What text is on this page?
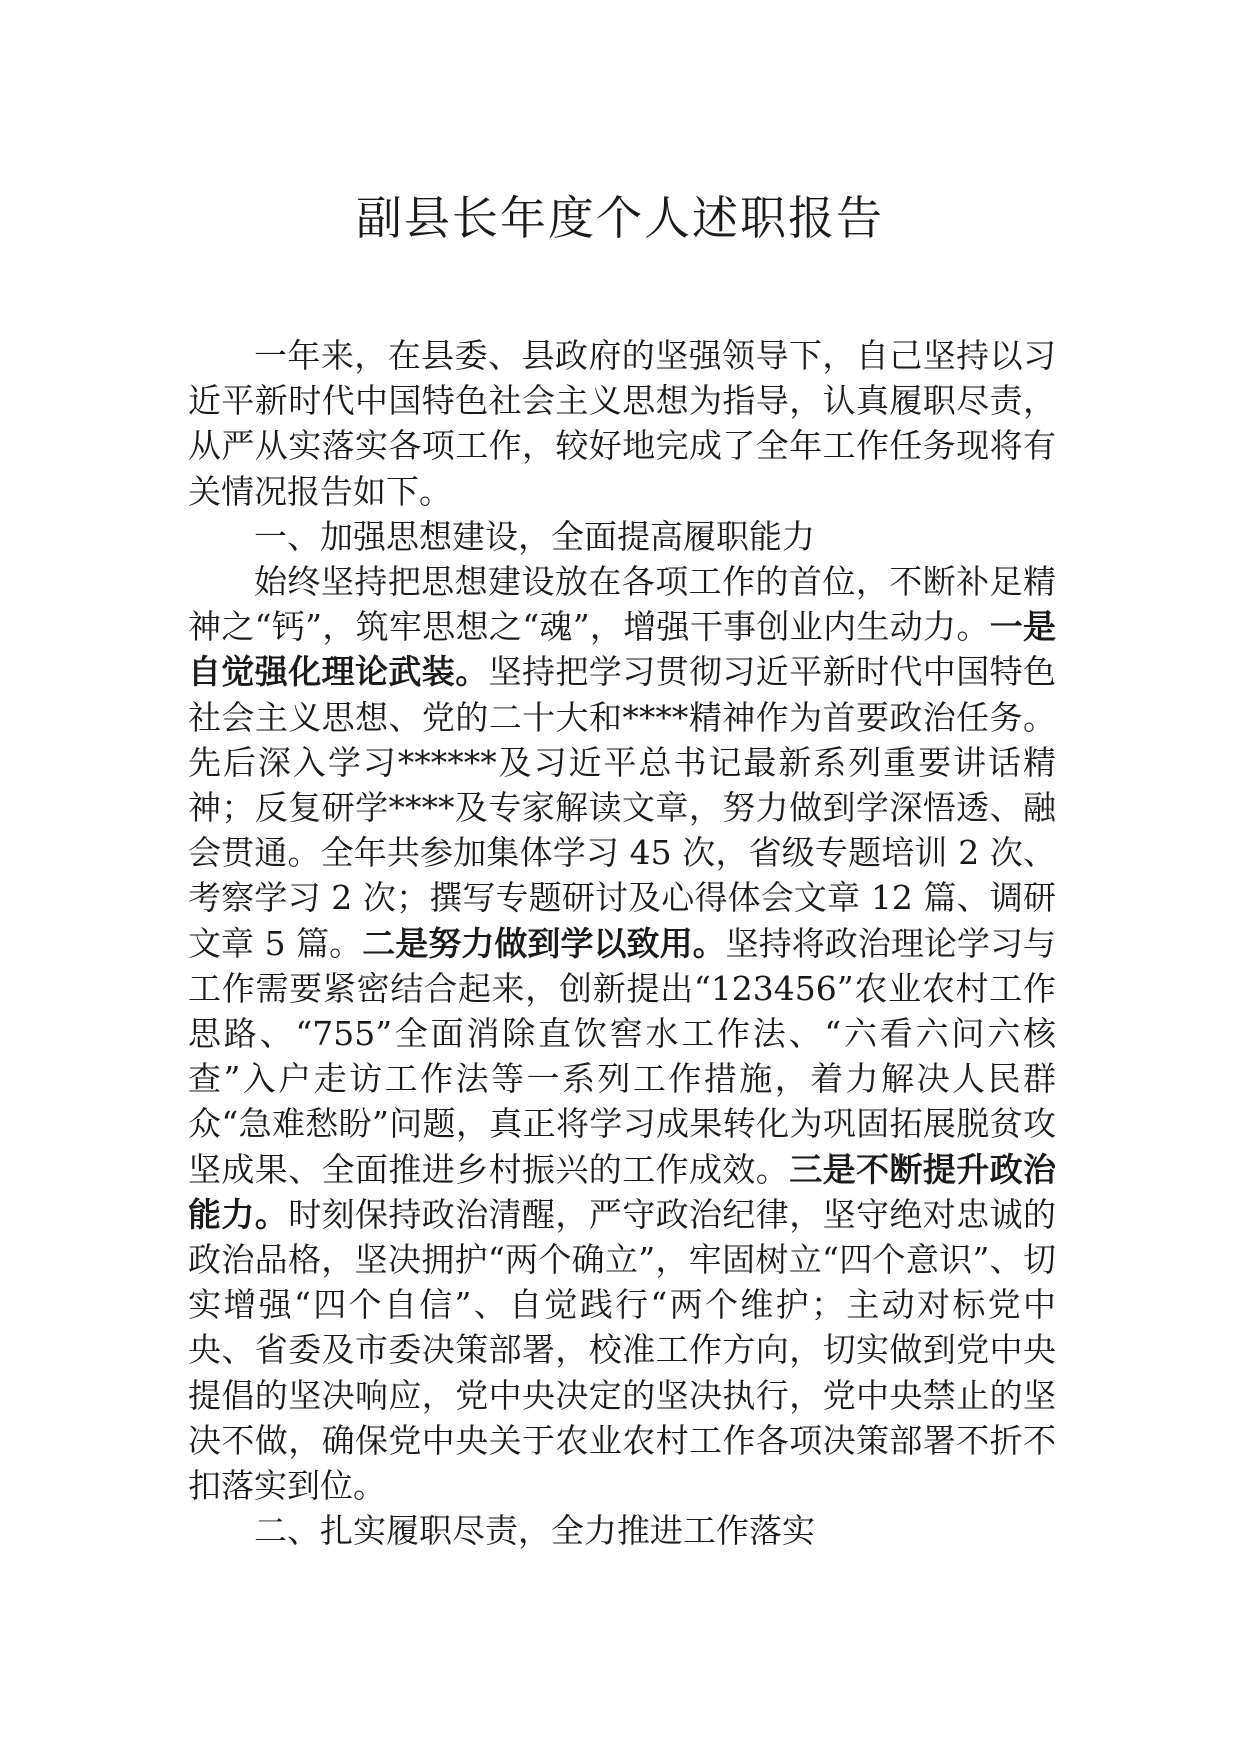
副县长年度个人述职报告

一年来，在县委、县政府的坚强领导下，自己坚持以习近平新时代中国特色社会主义思想为指导，认真履职尽责，从严从实落实各项工作，较好地完成了全年工作任务现将有关情况报告如下。

一、加强思想建设，全面提高履职能力

始终坚持把思想建设放在各项工作的首位，不断补足精神之“钙”，筑牢思想之“魂”，增强干事创业内生动力。一是自觉强化理论武装。坚持把学习贯彻习近平新时代中国特色社会主义思想、党的二十大和****精神作为首要政治任务。先后深入学习******及习近平总书记最新系列重要讲话精神；反复研学****及专家解读文章，努力做到学深悟透、融会贯通。全年共参加集体学习 45 次，省级专题培训 2 次、考察学习 2 次；撰写专题研讨及心得体会文章 12 篇、调研文章 5 篇。二是努力做到学以致用。坚持将政治理论学习与工作需要紧密结合起来，创新提出“123456”农业农村工作思路、“755”全面消除直饮窖水工作法、“六看六问六核查”入户走访工作法等一系列工作措施，着力解决人民群众“急难愁盼”问题，真正将学习成果转化为巩固拓展脱贫攻坚成果、全面推进乡村振兴的工作成效。三是不断提升政治能力。时刻保持政治清醒，严守政治纪律，坚守绝对忠诚的政治品格，坚决拥护“两个确立”，牢固树立“四个意识”、切实增强“四个自信”、自觉践行“两个维护；主动对标党中央、省委及市委决策部署，校准工作方向，切实做到党中央提倡的坚决响应，党中央决定的坚决执行，党中央禁止的坚决不做，确保党中央关于农业农村工作各项决策部署不折不扣落实到位。

二、扎实履职尽责，全力推进工作落实
